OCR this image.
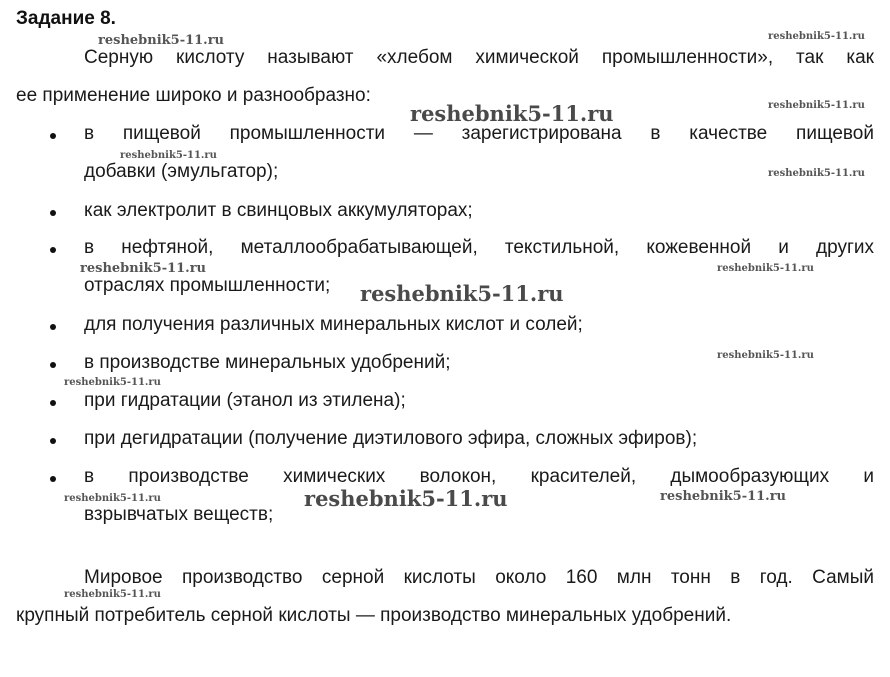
Задание 8.
Серную кислоту называют «хлебом химической промышленности», так как
ее применение широко и разнообразно:
в пищевой промышленности — зарегистрирована в качестве пищевой
добавки (эмульгатор);
как электролит в свинцовых аккумуляторах;
в нефтяной, металлообрабатывающей, текстильной, кожевенной и других
отраслях промышленности;
для получения различных минеральных кислот и солей;
в производстве минеральных удобрений;
при гидратации (этанол из этилена);
при дегидратации (получение диэтилового эфира, сложных эфиров);
в производстве химических волокон, красителей, дымообразующих и
взрывчатых веществ;
Мировое производство серной кислоты около 160 млн тонн в год. Самый
крупный потребитель серной кислоты — производство минеральных удобрений.
reshebnik5-11.ru	reshebnik5-11.ru
reshebnik5-11.ru	reshebnik5-11.ru
reshebnik5-11.ru
reshebnik5-11.ru
reshebnik5-11.ru	reshebnik5-11.ru
reshebnik5-11.ru
reshebnik5-11.ru
reshebnik5-11.ru
reshebnik5-11.ru	reshebnik5-11.ru	reshebnik5-11.ru
reshebnik5-11.ru
